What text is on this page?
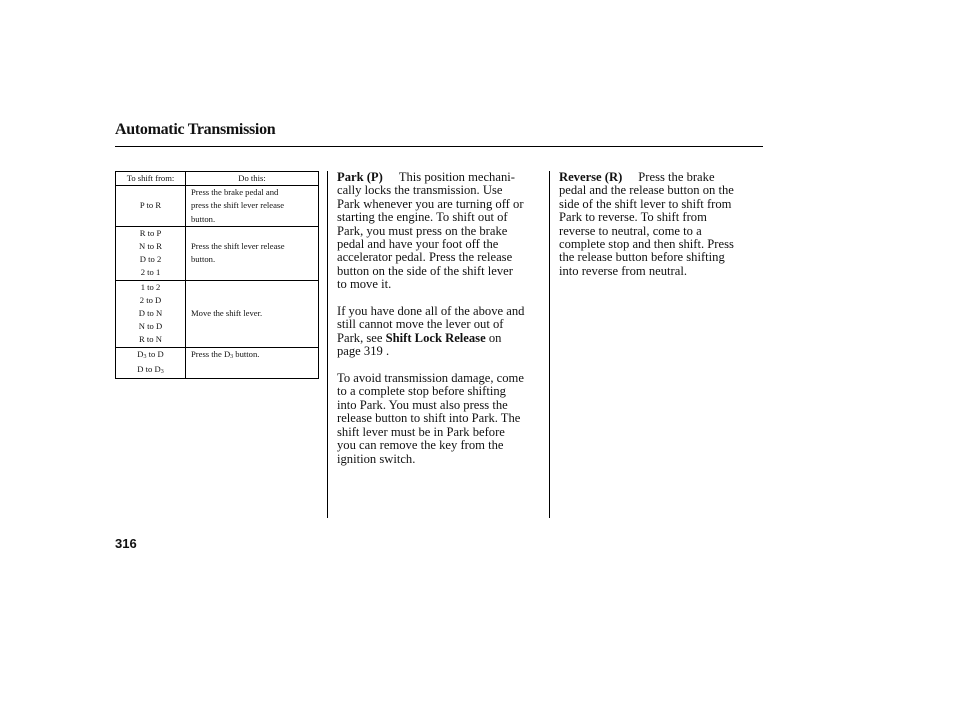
Automatic Transmission
To shift from:	Do this:
P to R
Press the brake pedal and
press the shift lever release
button.
R to P
N to R
D to 2
2 to 1
Press the shift lever release
button.
1 to 2
2 to D
D to N
N to D
R to N
Move the shift lever.
$D_3$ to D
D to $D_3$
Press the $D_3$ button.

Park (P) This position mechani-
cally locks the transmission. Use
Park whenever you are turning off or
starting the engine. To shift out of
Park, you must press on the brake
pedal and have your foot off the
accelerator pedal. Press the release
button on the side of the shift lever
to move it.

If you have done all of the above and
still cannot move the lever out of
Park, see Shift Lock Release on
page 319 .

To avoid transmission damage, come
to a complete stop before shifting
into Park. You must also press the
release button to shift into Park. The
shift lever must be in Park before
you can remove the key from the
ignition switch.

Reverse (R) Press the brake
pedal and the release button on the
side of the shift lever to shift from
Park to reverse. To shift from
reverse to neutral, come to a
complete stop and then shift. Press
the release button before shifting
into reverse from neutral.

316
